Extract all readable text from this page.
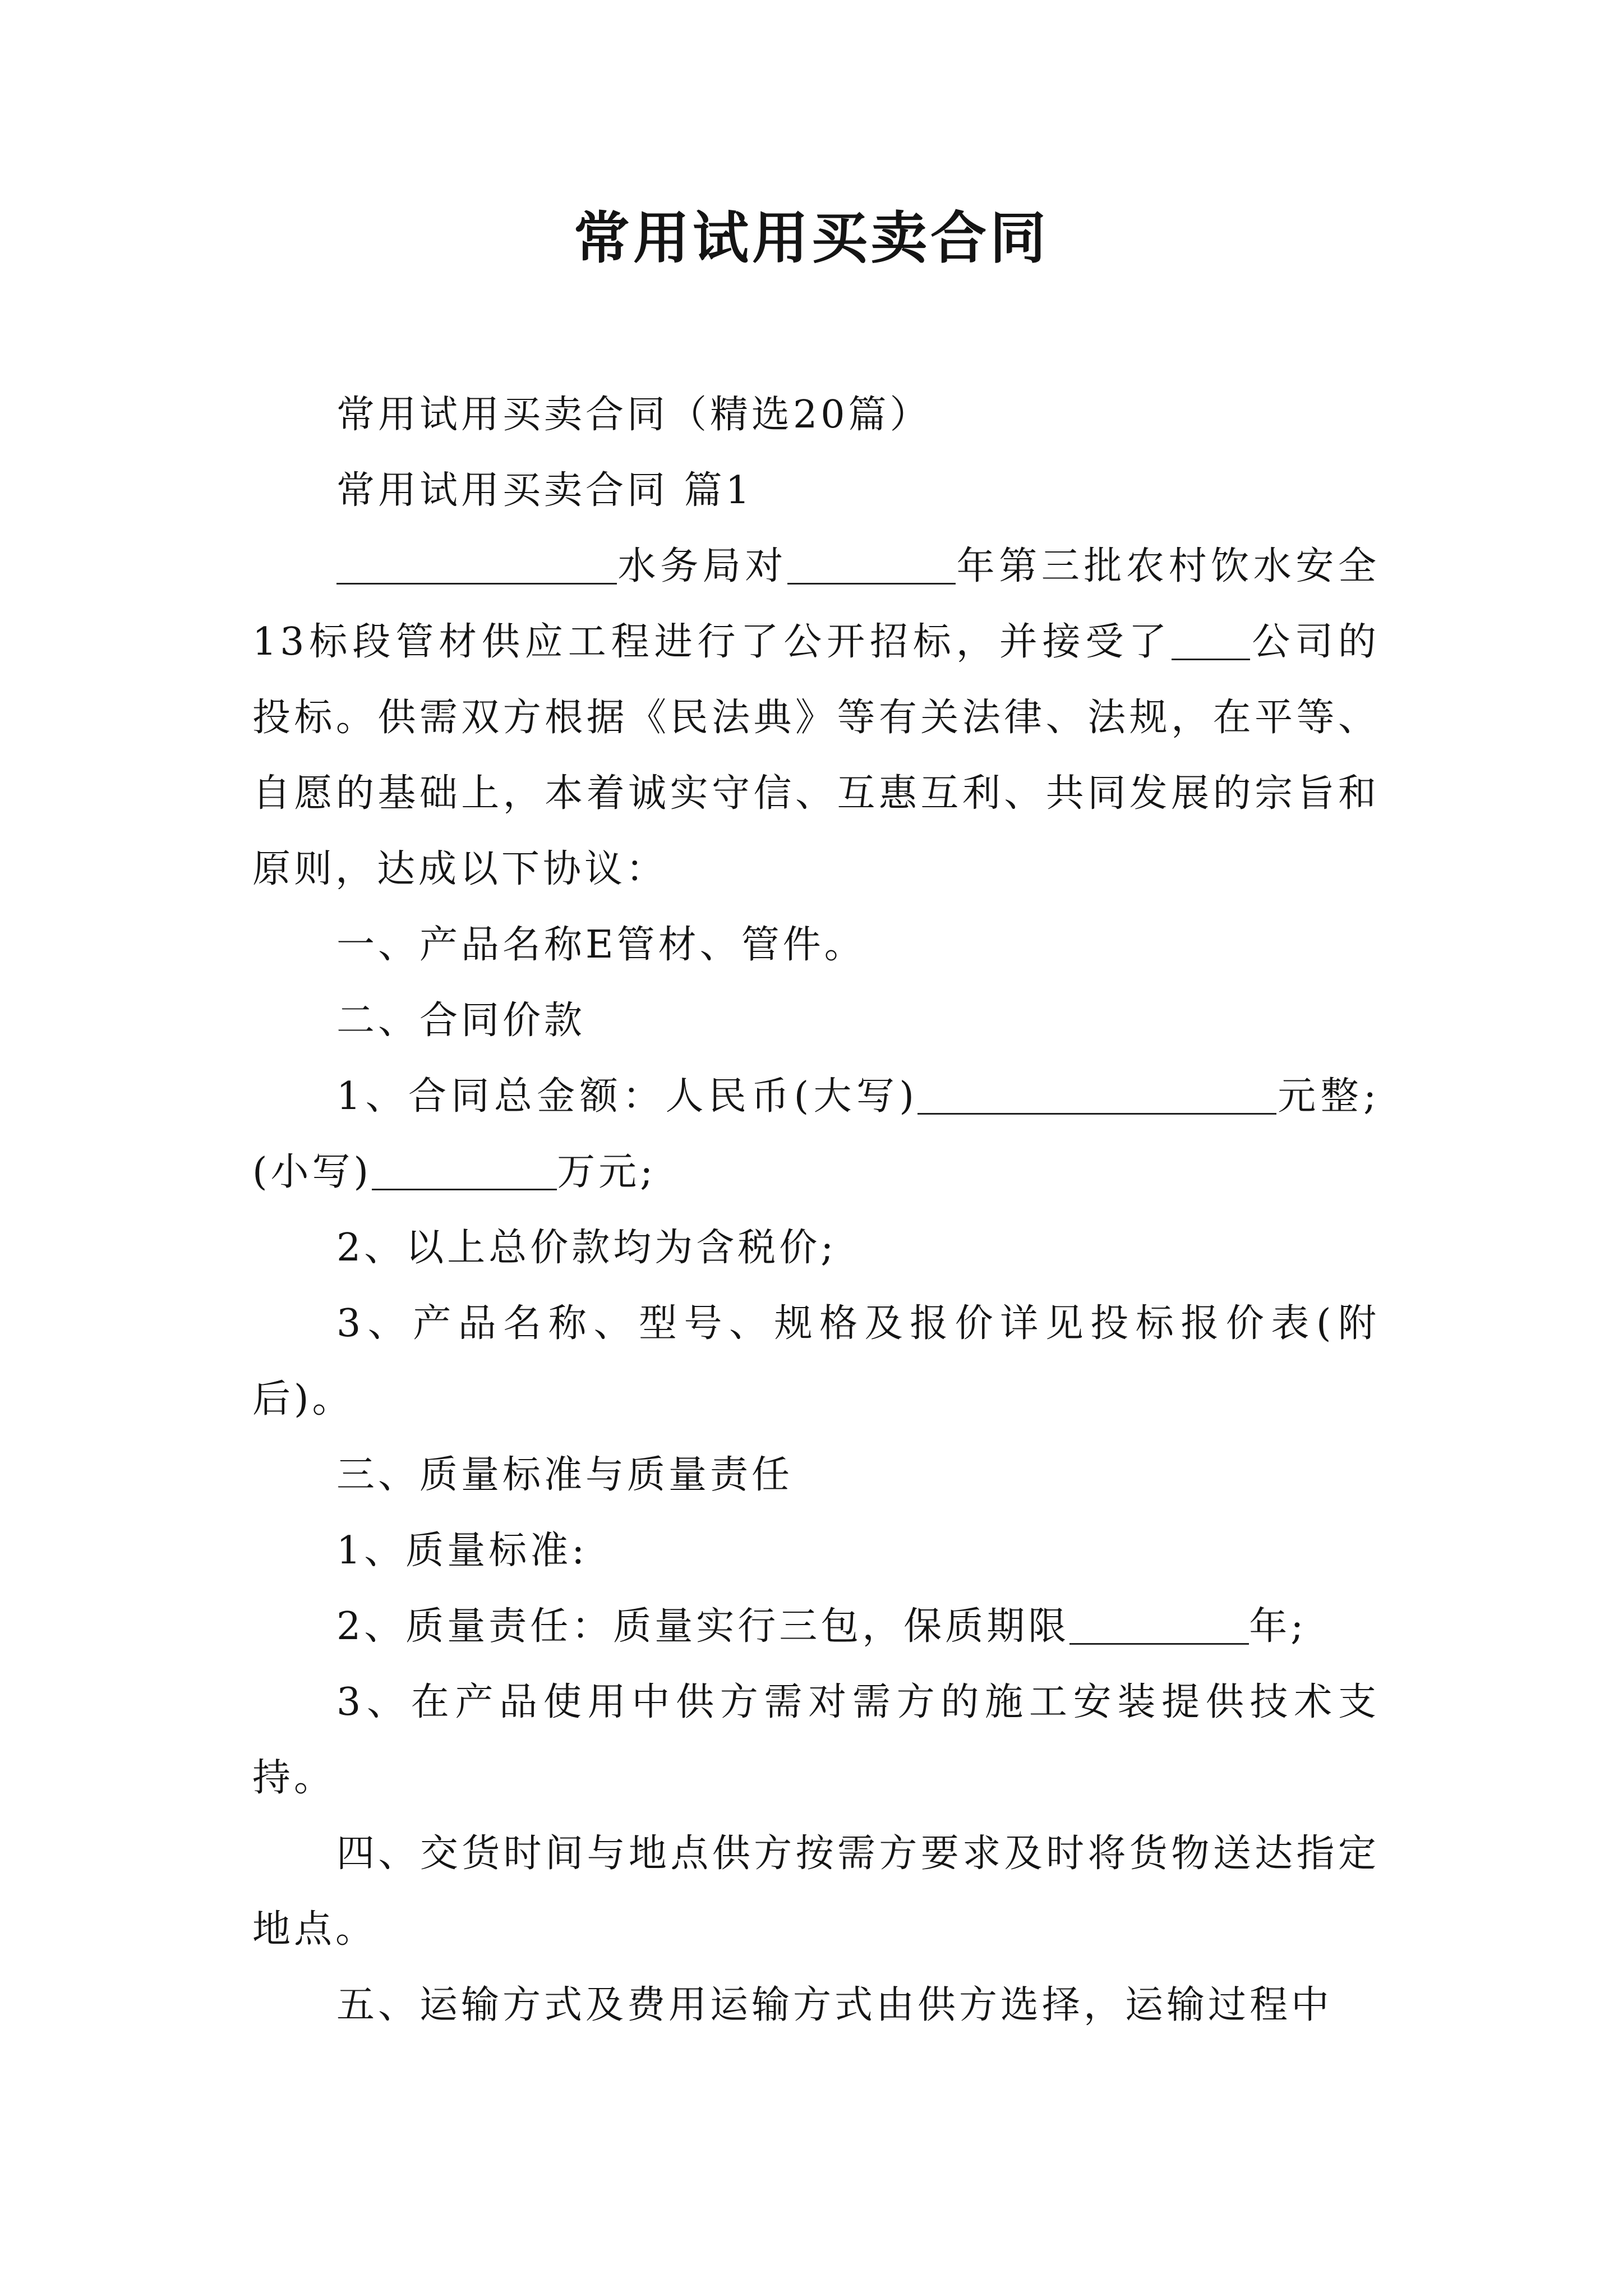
常用试用买卖合同

常用试用买卖合同（精选20篇）

常用试用买卖合同 篇1

水务局对	年第三批农村饮水安全13标段管材供应工程进行了公开招标，并接受了 公司的投标。供需双方根据《民法典》等有关法律、法规，在平等、自愿的基础上，本着诚实守信、互惠互利、共同发展的宗旨和原则，达成以下协议：

一、产品名称E管材、管件。

二、合同价款

1、合同总金额：人民币(大写)	元整;(小写)	万元;

2、以上总价款均为含税价;

3、产品名称、型号、规格及报价详见投标报价表(附后)。

三、质量标准与质量责任

1、质量标准:

2、质量责任：质量实行三包，保质期限	年;

3、在产品使用中供方需对需方的施工安装提供技术支持。

四、交货时间与地点供方按需方要求及时将货物送达指定地点。

五、运输方式及费用运输方式由供方选择，运输过程中
